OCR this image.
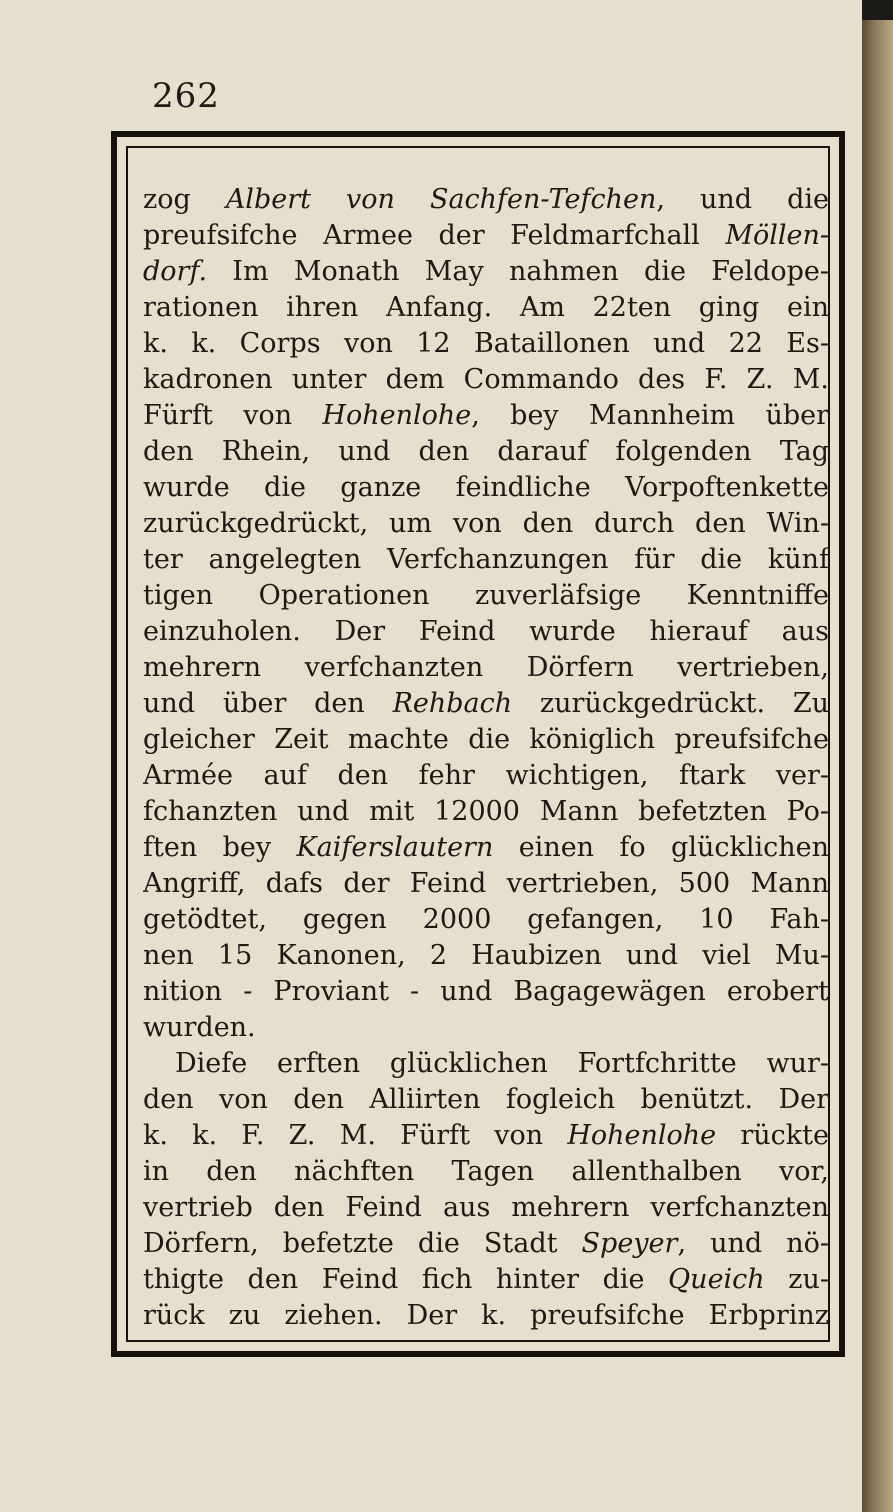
262
zog Albert von Sachfen-Tefchen, und die
preufsifche Armee der Feldmarfchall Möllen-
dorf. Im Monath May nahmen die Feldope-
rationen ihren Anfang. Am 22ten ging ein
k. k. Corps von 12 Bataillonen und 22 Es-
kadronen unter dem Commando des F. Z. M.
Fürft von Hohenlohe, bey Mannheim über
den Rhein, und den darauf folgenden Tag
wurde die ganze feindliche Vorpoftenkette
zurückgedrückt, um von den durch den Win-
ter angelegten Verfchanzungen für die künf
tigen Operationen zuverläfsige Kenntniffe
einzuholen. Der Feind wurde hierauf aus
mehrern verfchanzten Dörfern vertrieben,
und über den Rehbach zurückgedrückt. Zu
gleicher Zeit machte die königlich preufsifche
Armée auf den fehr wichtigen, ftark ver-
fchanzten und mit 12000 Mann befetzten Po-
ften bey Kaiferslautern einen fo glücklichen
Angriff, dafs der Feind vertrieben, 500 Mann
getödtet, gegen 2000 gefangen, 10 Fah-
nen 15 Kanonen, 2 Haubizen und viel Mu-
nition - Proviant - und Bagagewägen erobert
wurden.
Diefe erften glücklichen Fortfchritte wur-
den von den Alliirten fogleich benützt. Der
k. k. F. Z. M. Fürft von Hohenlohe rückte
in den nächften Tagen allenthalben vor,
vertrieb den Feind aus mehrern verfchanzten
Dörfern, befetzte die Stadt Speyer, und nö-
thigte den Feind fich hinter die Queich zu-
rück zu ziehen. Der k. preufsifche Erbprinz
